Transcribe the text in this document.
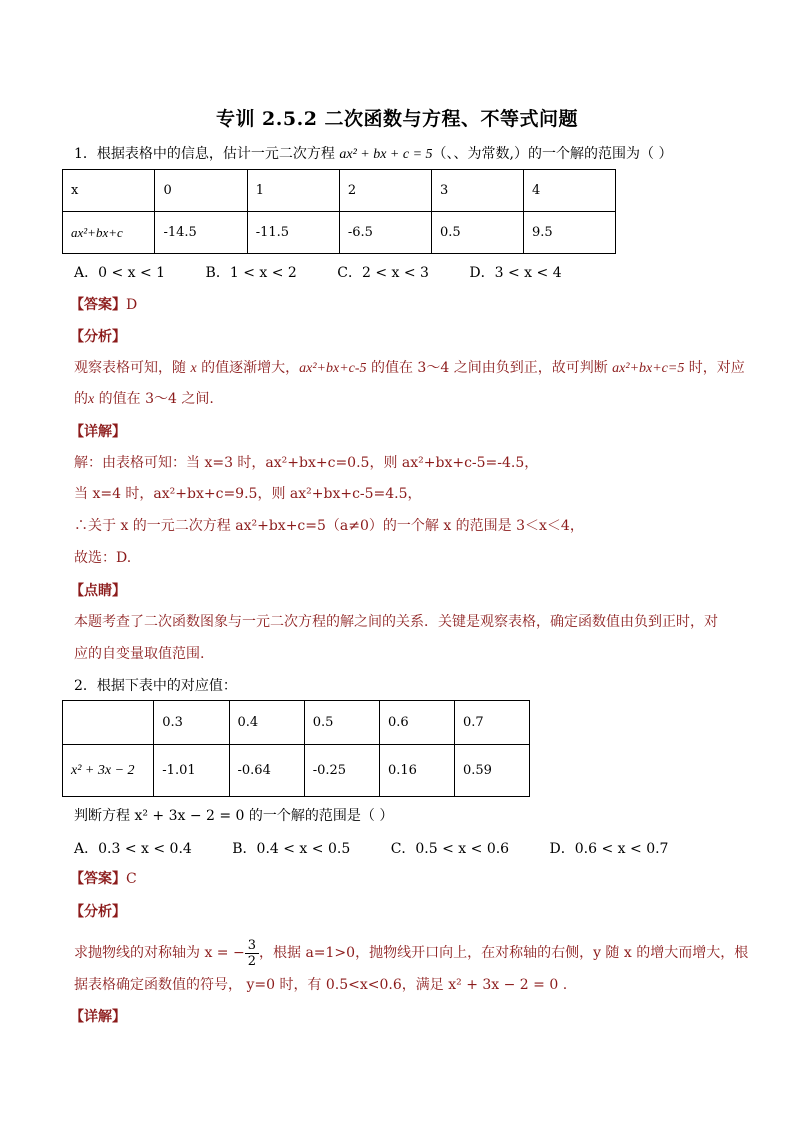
专训 2.5.2 二次函数与方程、不等式问题
1．根据表格中的信息，估计一元二次方程 ax² + bx + c = 5（、、为常数,）的一个解的范围为（ ）
x	0	1	2	3	4
ax²+bx+c	-14.5	-11.5	-6.5	0.5	9.5
A．0 < x < 1	B．1 < x < 2	C．2 < x < 3	D．3 < x < 4
【答案】D
【分析】
观察表格可知，随 x 的值逐渐增大，ax²+bx+c-5 的值在 3～4 之间由负到正，故可判断 ax²+bx+c=5 时，对应
的x 的值在 3～4 之间.
【详解】
解：由表格可知：当 x=3 时，ax²+bx+c=0.5，则 ax²+bx+c-5=-4.5，
当 x=4 时，ax²+bx+c=9.5，则 ax²+bx+c-5=4.5，
∴关于 x 的一元二次方程 ax²+bx+c=5（a≠0）的一个解 x 的范围是 3＜x＜4，
故选：D.
【点睛】
本题考查了二次函数图象与一元二次方程的解之间的关系．关键是观察表格，确定函数值由负到正时，对
应的自变量取值范围.
2．根据下表中的对应值：
	0.3	0.4	0.5	0.6	0.7
x² + 3x − 2	-1.01	-0.64	-0.25	0.16	0.59
判断方程 x² + 3x − 2 = 0 的一个解的范围是（ ）
A．0.3 < x < 0.4	B．0.4 < x < 0.5	C．0.5 < x < 0.6	D．0.6 < x < 0.7
【答案】C
【分析】
求抛物线的对称轴为 x = − $\frac{3}{2}$ ，根据 a=1>0，抛物线开口向上，在对称轴的右侧，y 随 x 的增大而增大，根
据表格确定函数值的符号， y=0 时，有 0.5<x<0.6，满足 x² + 3x − 2 = 0 .
【详解】
